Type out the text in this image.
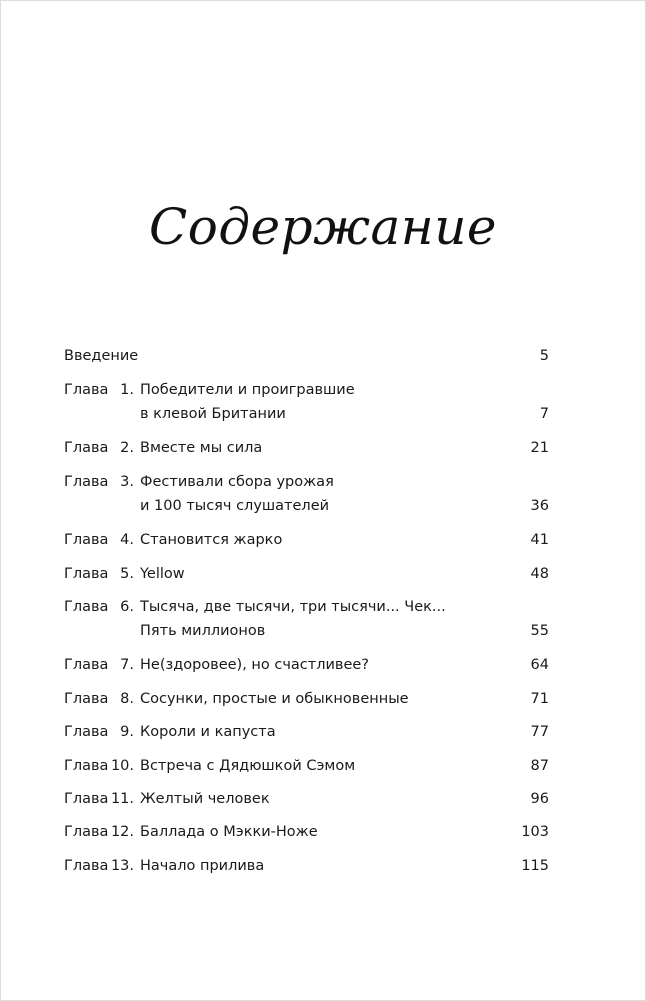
Содержание
Введение	5
Глава 1. Победители и проигравшие
в клевой Британии	7
Глава 2. Вместе мы сила	21
Глава 3. Фестивали сбора урожая
и 100 тысяч слушателей	36
Глава 4. Становится жарко	41
Глава 5. Yellow	48
Глава 6. Тысяча, две тысячи, три тысячи... Чек...
Пять миллионов	55
Глава 7. Не(здоровее), но счастливее?	64
Глава 8. Сосунки, простые и обыкновенные	71
Глава 9. Короли и капуста	77
Глава 10. Встреча с Дядюшкой Сэмом	87
Глава 11. Желтый человек	96
Глава 12. Баллада о Мэкки-Ноже	103
Глава 13. Начало прилива	115
